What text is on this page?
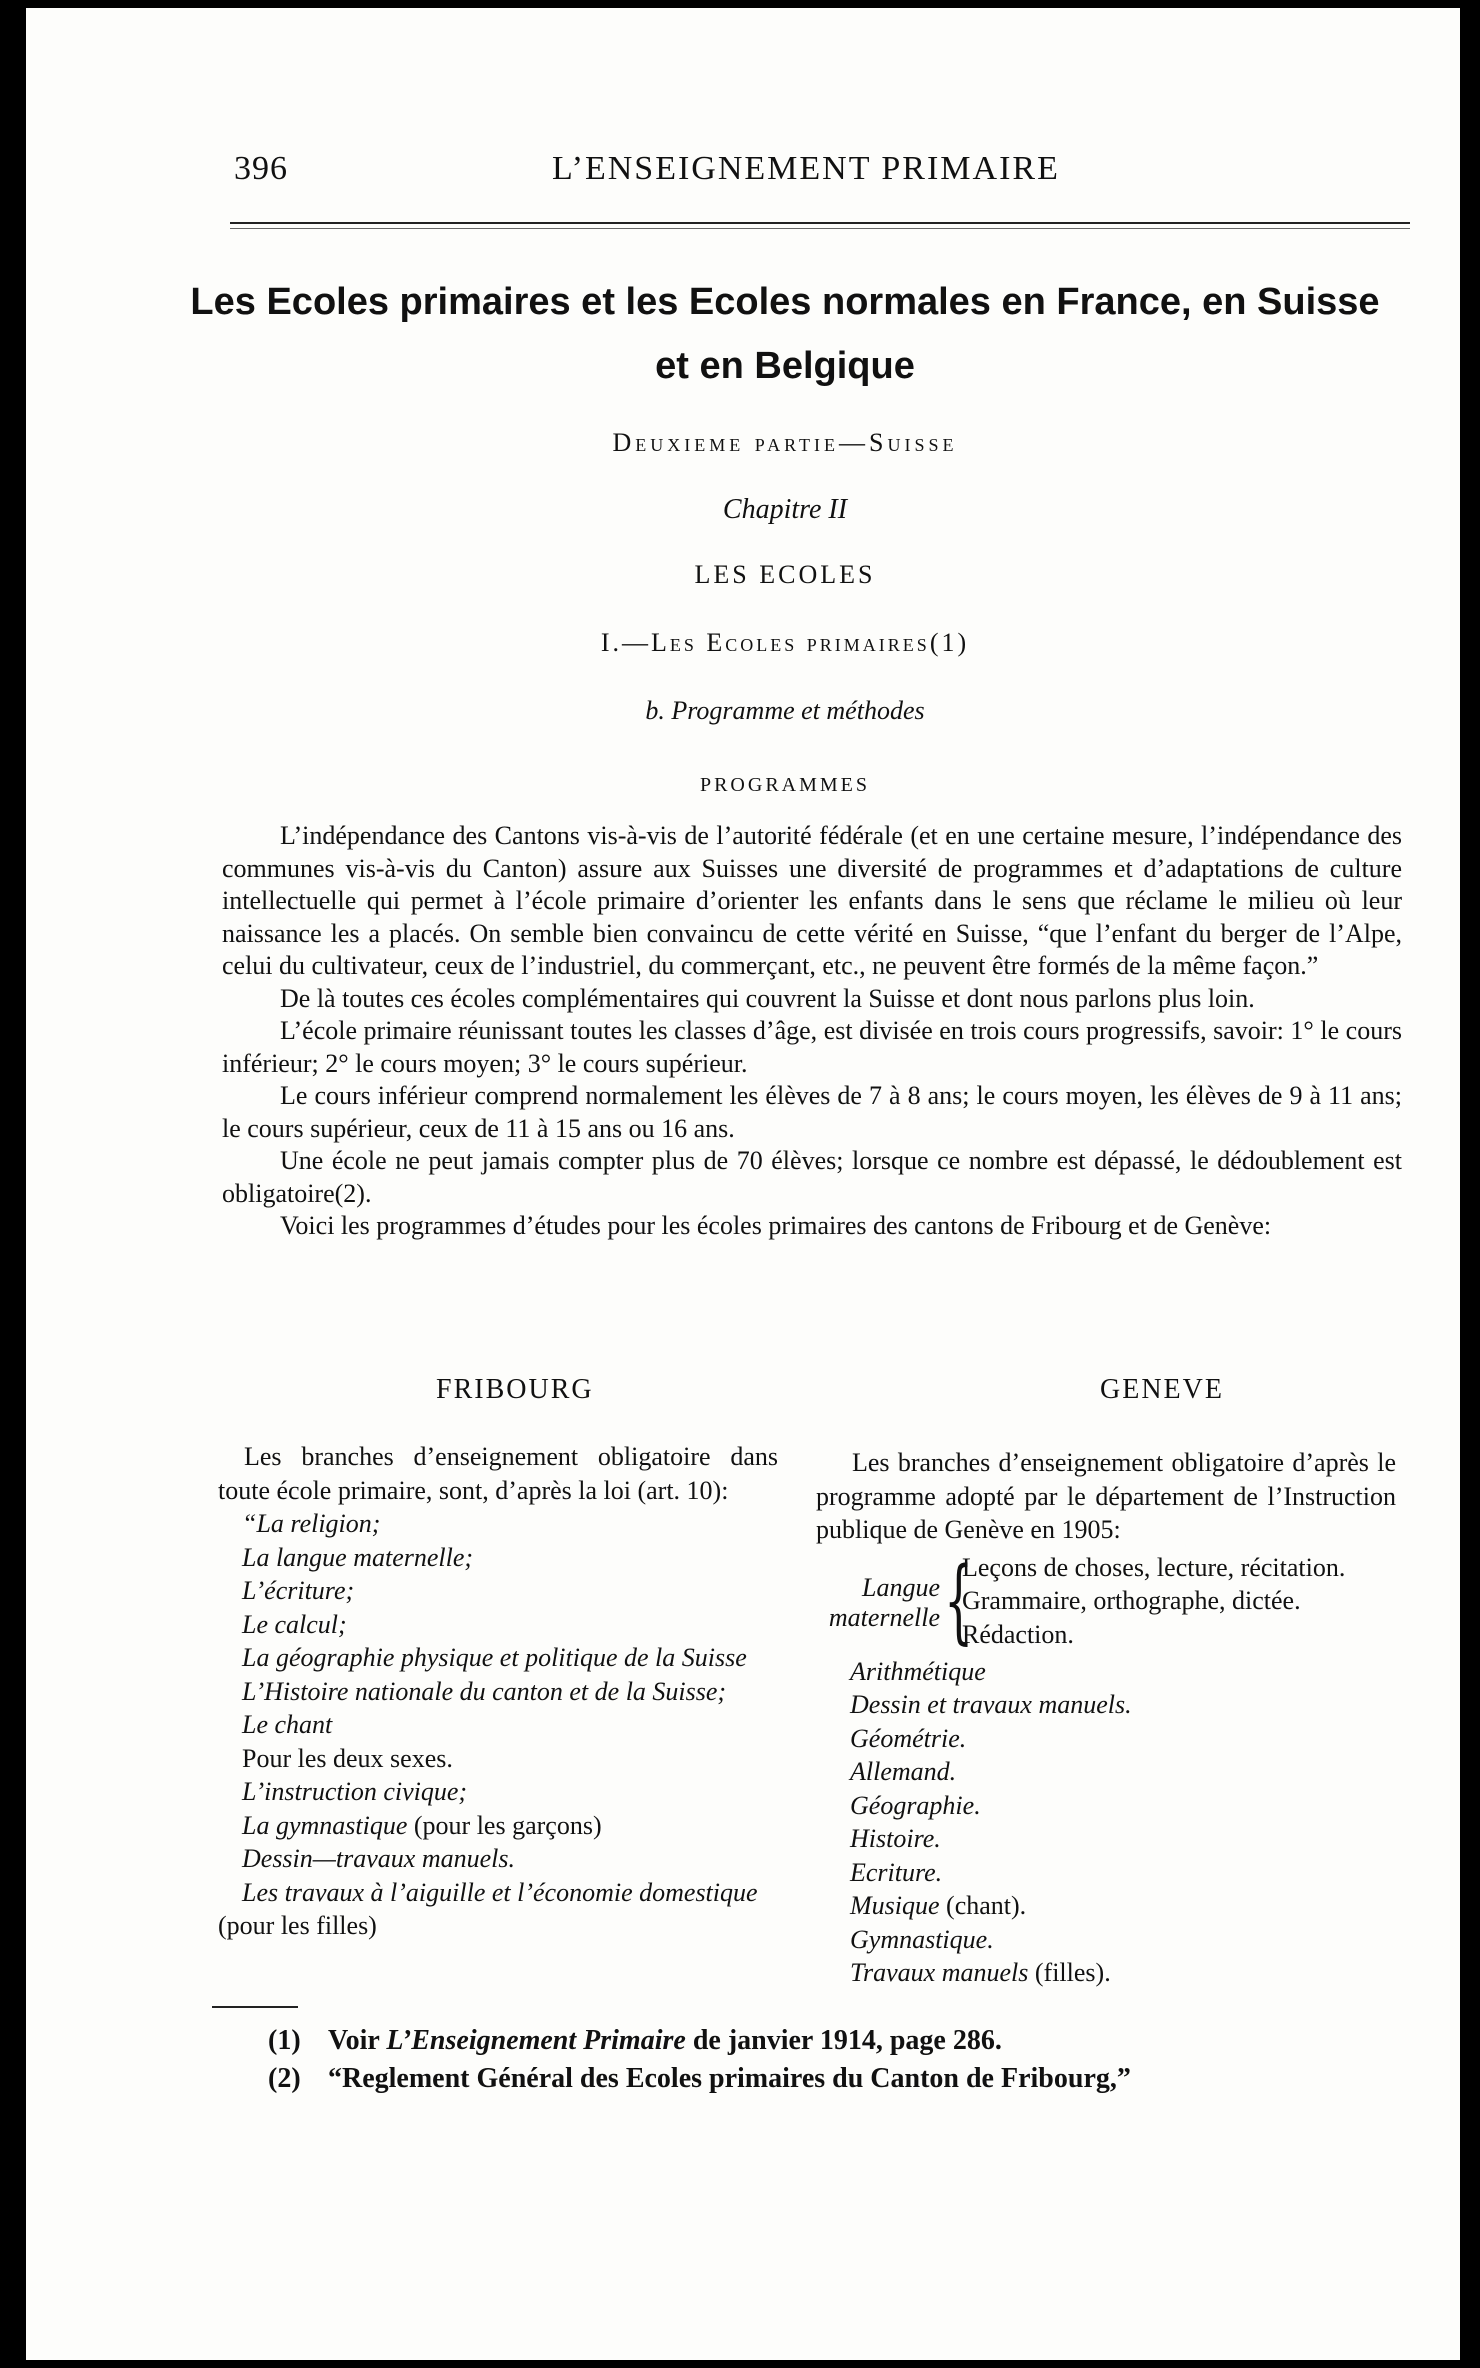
396	L’ENSEIGNEMENT PRIMAIRE
Les Ecoles primaires et les Ecoles normales en France, en Suisse
et en Belgique
Deuxieme partie—Suisse
Chapitre II
LES ECOLES
I.—Les Ecoles primaires(1)
b. Programme et méthodes
PROGRAMMES

L’indépendance des Cantons vis-à-vis de l’autorité fédérale (et en une certaine mesure, l’indépendance des communes vis-à-vis du Canton) assure aux Suisses une diversité de programmes et d’adaptations de culture intellectuelle qui permet à l’école primaire d’orienter les enfants dans le sens que réclame le milieu où leur naissance les a placés. On semble bien convaincu de cette vérité en Suisse, “que l’enfant du berger de l’Alpe, celui du cultivateur, ceux de l’industriel, du commerçant, etc., ne peuvent être formés de la même façon.”

De là toutes ces écoles complémentaires qui couvrent la Suisse et dont nous parlons plus loin.

L’école primaire réunissant toutes les classes d’âge, est divisée en trois cours progressifs, savoir: 1° le cours inférieur; 2° le cours moyen; 3° le cours supérieur.

Le cours inférieur comprend normalement les élèves de 7 à 8 ans; le cours moyen, les élèves de 9 à 11 ans; le cours supérieur, ceux de 11 à 15 ans ou 16 ans.

Une école ne peut jamais compter plus de 70 élèves; lorsque ce nombre est dépassé, le dédoublement est obligatoire(2).

Voici les programmes d’études pour les écoles primaires des cantons de Fribourg et de Genève:

FRIBOURG	GENEVE
Les branches d’enseignement obligatoire dans toute école primaire, sont, d’après la loi (art. 10):
“La religion;
La langue maternelle;
L’écriture;
Le calcul;
La géographie physique et politique de la Suisse
L’Histoire nationale du canton et de la Suisse;
Le chant
Pour les deux sexes.
L’instruction civique;
La gymnastique (pour les garçons)
Dessin—travaux manuels.
Les travaux à l’aiguille et l’économie domestique (pour les filles)
Les branches d’enseignement obligatoire d’après le programme adopté par le département de l’Instruction publique de Genève en 1905:
Langue
maternelle {
Leçons de choses, lecture, récitation.
Grammaire, orthographe, dictée.
Rédaction.
Arithmétique
Dessin et travaux manuels.
Géométrie.
Allemand.
Géographie.
Histoire.
Ecriture.
Musique (chant).
Gymnastique.
Travaux manuels (filles).
(1) Voir L’Enseignement Primaire de janvier 1914, page 286.
(2) “Reglement Général des Ecoles primaires du Canton de Fribourg,”
